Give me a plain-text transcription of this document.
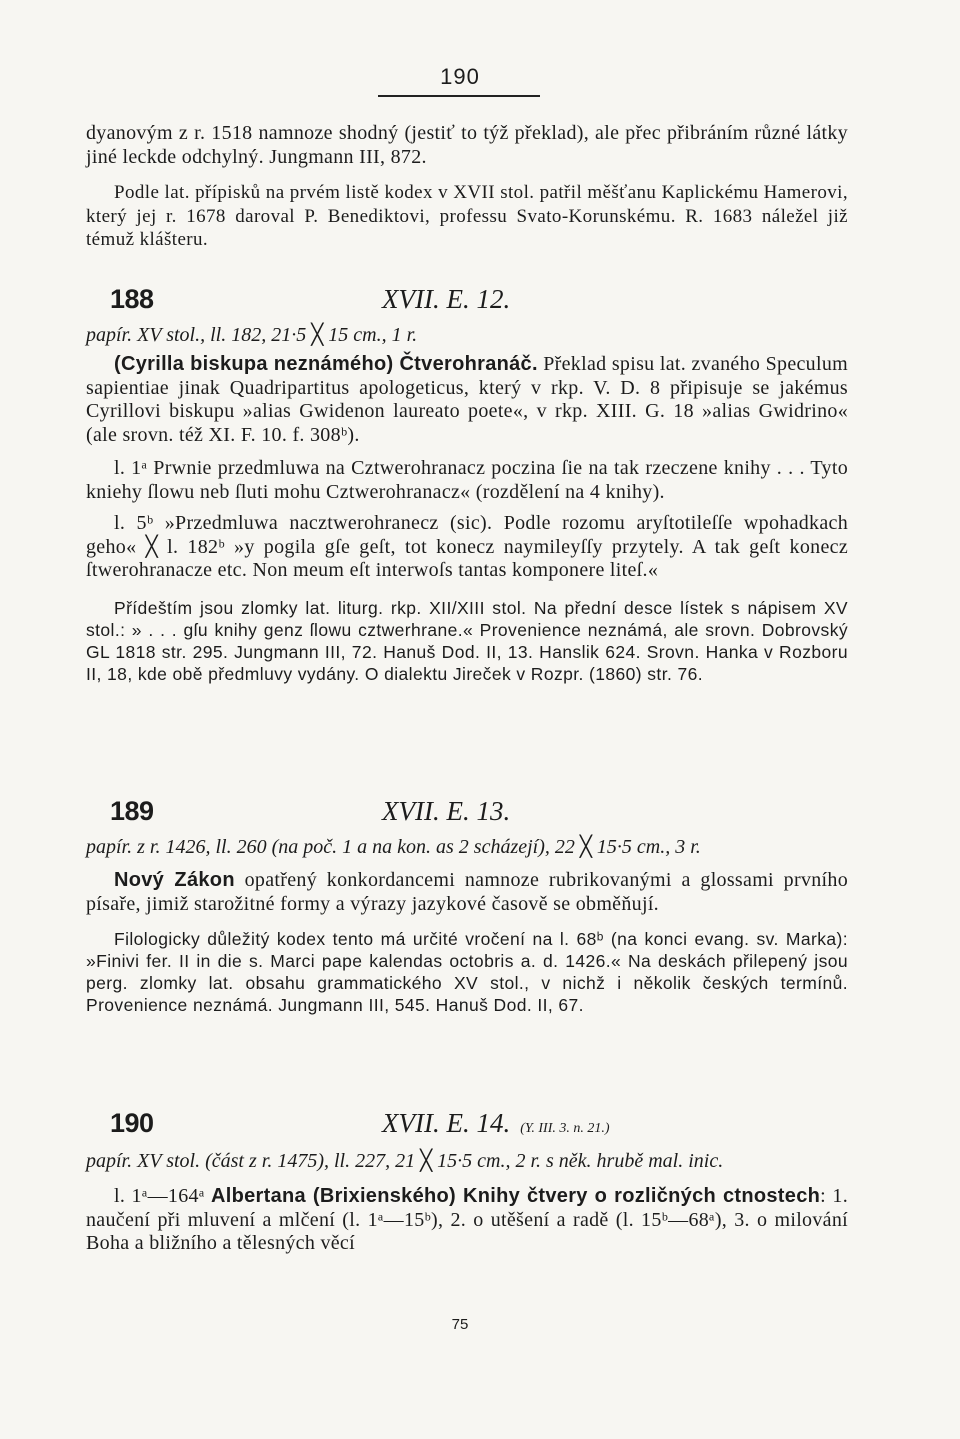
190

dyanovým z r. 1518 namnoze shodný (jestiť to týž překlad), ale přec přibráním různé látky jiné leckde odchylný. Jungmann III, 872.

Podle lat. přípisků na prvém listě kodex v XVII stol. patřil měšťanu Kaplickému Hamerovi, který jej r. 1678 daroval P. Benediktovi, professu Svato-Korunskému. R. 1683 náležel již témuž klášteru.

188	XVII. E. 12.

papír. XV stol., ll. 182, 21·5 ╳ 15 cm., 1 r.

(Cyrilla biskupa neznámého) Čtverohranáč. Překlad spisu lat. zvaného Speculum sapientiae jinak Quadripartitus apologeticus, který v rkp. V. D. 8 připisuje se jakémus Cyrillovi biskupu »alias Gwidenon laureato poete«, v rkp. XIII. G. 18 »alias Gwidrino« (ale srovn. též XI. F. 10. f. 308ᵇ).

l. 1ᵃ Prwnie przedmluwa na Cztwerohranacz poczina ſie na tak rzeczene knihy . . . Tyto kniehy ſlowu neb ſluti mohu Cztwerohranacz« (rozdělení na 4 knihy).

l. 5ᵇ »Przedmluwa nacztwerohranecz (sic). Podle rozomu aryſtotileſſe wpohadkach geho« ╳ l. 182ᵇ »y pogila gſe geſt, tot konecz naymileyſſy przytely. A tak geſt konecz ſtwerohranacze etc. Non meum eſt interwoſs tantas komponere liteſ.«

Přídeštím jsou zlomky lat. liturg. rkp. XII/XIII stol. Na přední desce lístek s nápisem XV stol.: » . . . gſu knihy genz ſlowu cztwerhrane.« Provenience neznámá, ale srovn. Dobrovský GL 1818 str. 295. Jungmann III, 72. Hanuš Dod. II, 13. Hanslik 624. Srovn. Hanka v Rozboru II, 18, kde obě předmluvy vydány. O dialektu Jireček v Rozpr. (1860) str. 76.

189	XVII. E. 13.

papír. z r. 1426, ll. 260 (na poč. 1 a na kon. as 2 scházejí), 22 ╳ 15·5 cm., 3 r.

Nový Zákon opatřený konkordancemi namnoze rubrikovanými a glossami prvního písaře, jimiž starožitné formy a výrazy jazykové časově se obměňují.

Filologicky důležitý kodex tento má určité vročení na l. 68ᵇ (na konci evang. sv. Marka): »Finivi fer. II in die s. Marci pape kalendas octobris a. d. 1426.« Na deskách přilepený jsou perg. zlomky lat. obsahu grammatického XV stol., v nichž i několik českých termínů. Provenience neznámá. Jungmann III, 545. Hanuš Dod. II, 67.

190	XVII. E. 14. (Y. III. 3. n. 21.)

papír. XV stol. (část z r. 1475), ll. 227, 21 ╳ 15·5 cm., 2 r. s něk. hrubě mal. inic.

l. 1ᵃ—164ᵃ Albertana (Brixienského) Knihy čtvery o rozličných ctnostech: 1. naučení při mluvení a mlčení (l. 1ᵃ—15ᵇ), 2. o utěšení a radě (l. 15ᵇ—68ᵃ), 3. o milování Boha a bližního a tělesných věcí

75
